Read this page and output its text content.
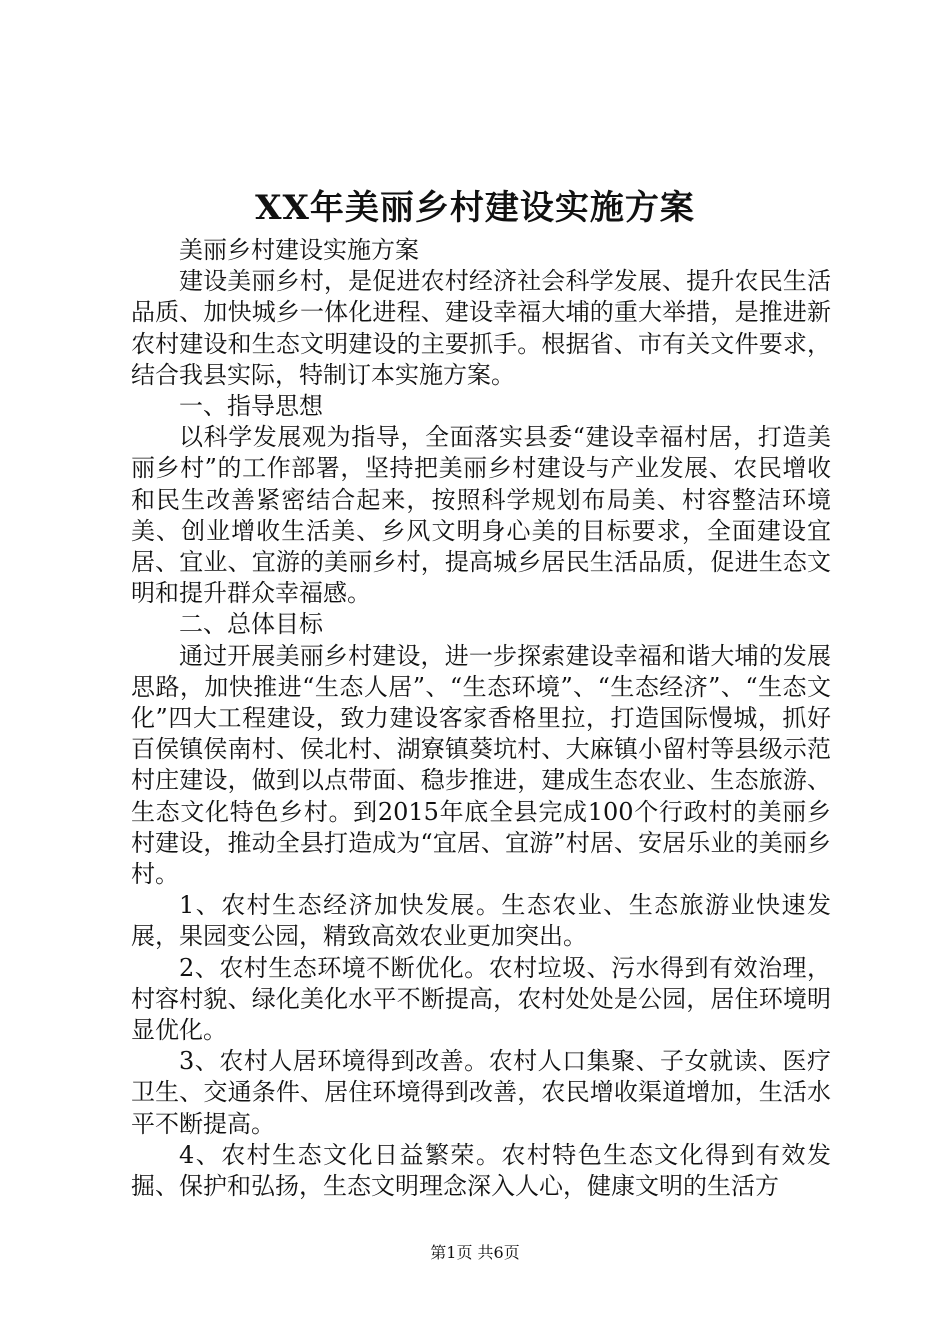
XX年美丽乡村建设实施方案

美丽乡村建设实施方案

建设美丽乡村，是促进农村经济社会科学发展、提升农民生活品质、加快城乡一体化进程、建设幸福大埔的重大举措，是推进新农村建设和生态文明建设的主要抓手。根据省、市有关文件要求，结合我县实际，特制订本实施方案。

一、指导思想

以科学发展观为指导，全面落实县委“建设幸福村居，打造美丽乡村”的工作部署，坚持把美丽乡村建设与产业发展、农民增收和民生改善紧密结合起来，按照科学规划布局美、村容整洁环境美、创业增收生活美、乡风文明身心美的目标要求，全面建设宜居、宜业、宜游的美丽乡村，提高城乡居民生活品质，促进生态文明和提升群众幸福感。

二、总体目标

通过开展美丽乡村建设，进一步探索建设幸福和谐大埔的发展思路，加快推进“生态人居”、“生态环境”、“生态经济”、“生态文化”四大工程建设，致力建设客家香格里拉，打造国际慢城，抓好百侯镇侯南村、侯北村、湖寮镇葵坑村、大麻镇小留村等县级示范村庄建设，做到以点带面、稳步推进，建成生态农业、生态旅游、生态文化特色乡村。到2015年底全县完成100个行政村的美丽乡村建设，推动全县打造成为“宜居、宜游”村居、安居乐业的美丽乡村。

1、农村生态经济加快发展。生态农业、生态旅游业快速发展，果园变公园，精致高效农业更加突出。

2、农村生态环境不断优化。农村垃圾、污水得到有效治理，村容村貌、绿化美化水平不断提高，农村处处是公园，居住环境明显优化。

3、农村人居环境得到改善。农村人口集聚、子女就读、医疗卫生、交通条件、居住环境得到改善，农民增收渠道增加，生活水平不断提高。

4、农村生态文化日益繁荣。农村特色生态文化得到有效发掘、保护和弘扬，生态文明理念深入人心，健康文明的生活方

第1页 共6页
